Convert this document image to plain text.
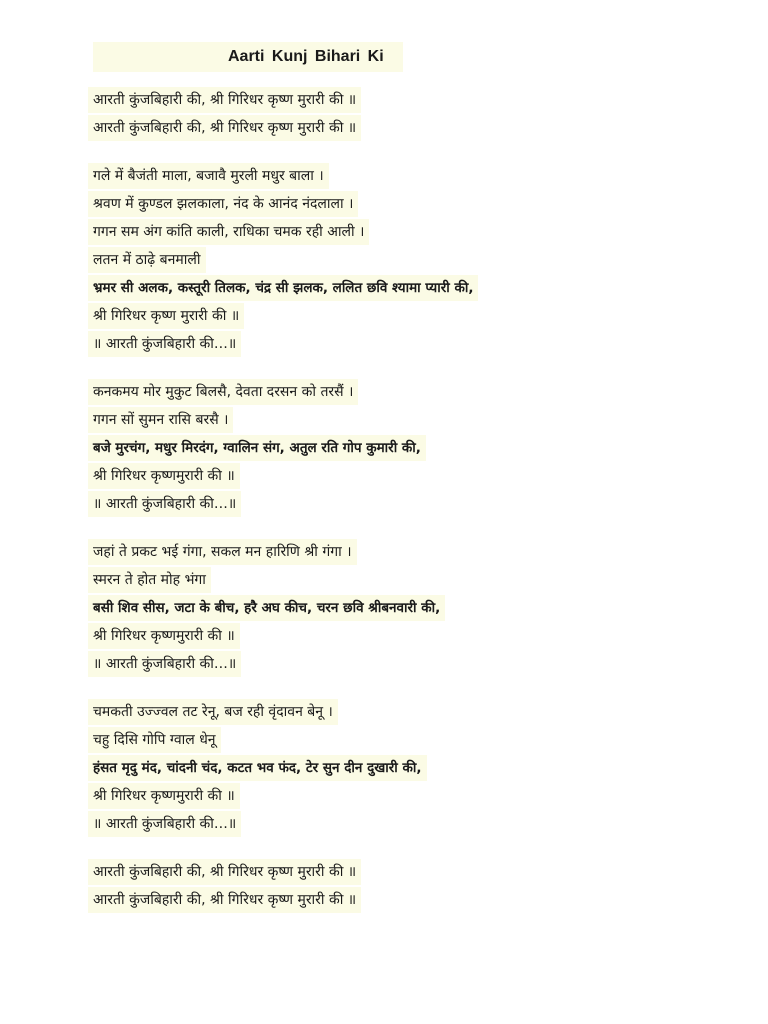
Aarti Kunj Bihari Ki
आरती कुंजबिहारी की, श्री गिरिधर कृष्ण मुरारी की ॥
आरती कुंजबिहारी की, श्री गिरिधर कृष्ण मुरारी की ॥
गले में बैजंती माला, बजावै मुरली मधुर बाला ।
श्रवण में कुण्डल झलकाला, नंद के आनंद नंदलाला ।
गगन सम अंग कांति काली, राधिका चमक रही आली ।
लतन में ठाढ़े बनमाली
भ्रमर सी अलक, कस्तूरी तिलक, चंद्र सी झलक, ललित छवि श्यामा प्यारी की,
श्री गिरिधर कृष्ण मुरारी की ॥
॥ आरती कुंजबिहारी की…॥
कनकमय मोर मुकुट बिलसै, देवता दरसन को तरसैं ।
गगन सों सुमन रासि बरसै ।
बजे मुरचंग, मधुर मिरदंग, ग्वालिन संग, अतुल रति गोप कुमारी की,
श्री गिरिधर कृष्णमुरारी की ॥
॥ आरती कुंजबिहारी की…॥
जहां ते प्रकट भई गंगा, सकल मन हारिणि श्री गंगा ।
स्मरन ते होत मोह भंगा
बसी शिव सीस, जटा के बीच, हरै अघ कीच, चरन छवि श्रीबनवारी की,
श्री गिरिधर कृष्णमुरारी की ॥
॥ आरती कुंजबिहारी की…॥
चमकती उज्ज्वल तट रेनू, बज रही वृंदावन बेनू ।
चहु दिसि गोपि ग्वाल धेनू
हंसत मृदु मंद, चांदनी चंद, कटत भव फंद, टेर सुन दीन दुखारी की,
श्री गिरिधर कृष्णमुरारी की ॥
॥ आरती कुंजबिहारी की…॥
आरती कुंजबिहारी की, श्री गिरिधर कृष्ण मुरारी की ॥
आरती कुंजबिहारी की, श्री गिरिधर कृष्ण मुरारी की ॥
